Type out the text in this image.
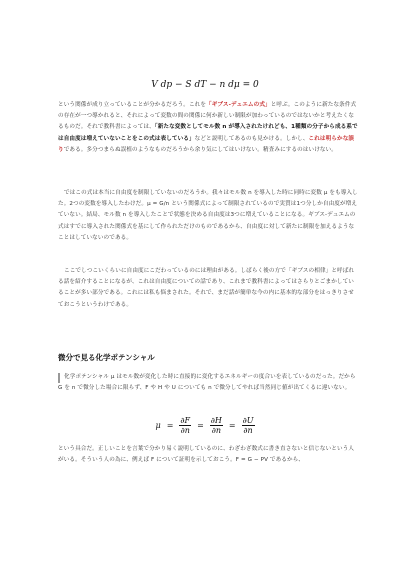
V dp − S dT − n dμ = 0
という関係が成り立っていることが分かるだろう。これを「ギブス-デュエムの式」と呼ぶ。このように新たな条件式の存在が一つ導かれると、それによって変数の間の関係に何か新しい制限が加わっているのではないかと考えたくなるものだ。それで教科書によっては、「新たな変数としてモル数 n が導入されたけれども、1種類の分子から成る系では自由度は増えていないことをこの式は表している」などと説明してあるのも見かける。しかし、これは明らかな誤りである。多分つまらぬ誤植のようなものだろうから余り気にしてはいけない。精査みにするのはいけない。
ではこの式は本当に自由度を制限していないのだろうか。我々はモル数 n を導入した時に同時に変数 μ をも導入した。2つの変数を導入したわけだ。μ = G/n という関係式によって制限されているので実質は1つ分しか自由度が増えていない。結局、モル数 n を導入したことで状態を決める自由度は3つに増えていることになる。ギブス-デュエムの式はすでに導入された関係式を基にして作られただけのものであるから、自由度に対して新たに制限を加えるようなことはしていないのである。
ここでしつこいくらいに自由度にこだわっているのには理由がある。しばらく後の方で「ギブスの相律」と呼ばれる話を紹介することになるが、これは自由度についての話であり、これまで教科書によってはさらりとごまかしていることが多い部分である。これには私も悩まされた。それで、まだ話が簡単な今の内に基本的な部分をはっきりさせておこうというわけである。
微分で見る化学ポテンシャル
化学ポテンシャル μ はモル数が変化した時に直接的に変化するエネルギーの度合いを表しているのだった。だから G を n で微分した場合に限らず、F や H や U についても n で微分してやれば当然同じ値が出てくるに違いない。
$\mu = \frac{\partial F}{\partial n} = \frac{\partial H}{\partial n} = \frac{\partial U}{\partial n}$
という具合だ。正しいことを言葉で分かり易く説明しているのに、わざわざ数式に書き直さないと信じないという人がいる。そういう人の為に、例えば F について証明を示しておこう。F = G − PV であるから、
